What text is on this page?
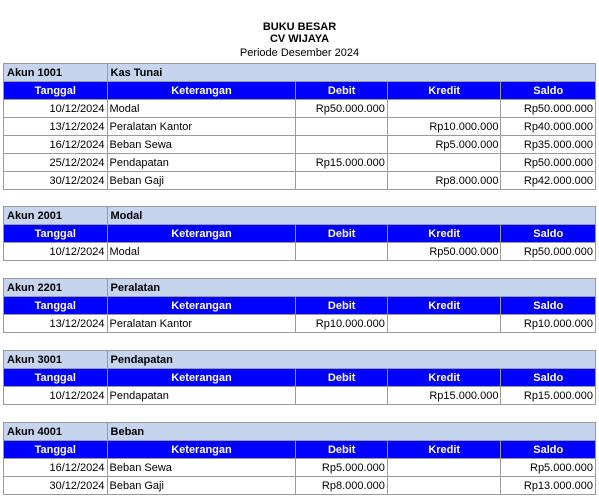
BUKU BESAR
CV WIJAYA
Periode Desember 2024
Akun 1001	Kas Tunai			
Tanggal	Keterangan	Debit	Kredit	Saldo
10/12/2024	Modal	Rp50.000.000		Rp50.000.000
13/12/2024	Peralatan Kantor		Rp10.000.000	Rp40.000.000
16/12/2024	Beban Sewa		Rp5.000.000	Rp35.000.000
25/12/2024	Pendapatan	Rp15.000.000		Rp50.000.000
30/12/2024	Beban Gaji		Rp8.000.000	Rp42.000.000
Akun 2001	Modal			
Tanggal	Keterangan	Debit	Kredit	Saldo
10/12/2024	Modal		Rp50.000.000	Rp50.000.000
Akun 2201	Peralatan			
Tanggal	Keterangan	Debit	Kredit	Saldo
13/12/2024	Peralatan Kantor	Rp10.000.000		Rp10.000.000
Akun 3001	Pendapatan			
Tanggal	Keterangan	Debit	Kredit	Saldo
10/12/2024	Pendapatan		Rp15.000.000	Rp15.000.000
Akun 4001	Beban			
Tanggal	Keterangan	Debit	Kredit	Saldo
16/12/2024	Beban Sewa	Rp5.000.000		Rp5.000.000
30/12/2024	Beban Gaji	Rp8.000.000		Rp13.000.000
